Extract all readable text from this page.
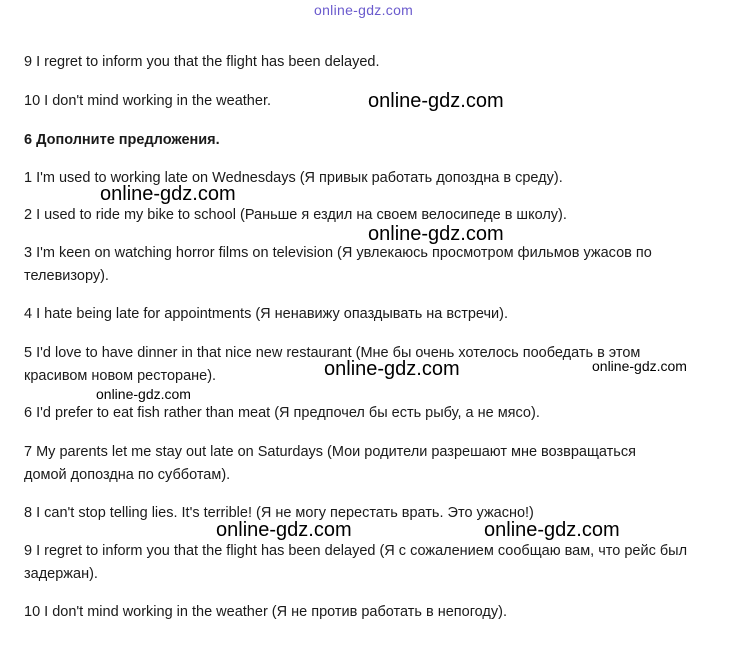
online-gdz.com
9 I regret to inform you that the flight has been delayed.
10 I don't mind working in the weather.
6 Дополните предложения.
1 I'm used to working late on Wednesdays (Я привык работать допоздна в среду).
2 I used to ride my bike to school (Раньше я ездил на своем велосипеде в школу).
3 I'm keen on watching horror films on television (Я увлекаюсь просмотром фильмов ужасов по
телевизору).
4 I hate being late for appointments (Я ненавижу опаздывать на встречи).
5 I'd love to have dinner in that nice new restaurant (Мне бы очень хотелось пообедать в этом
красивом новом ресторане).
6 I'd prefer to eat fish rather than meat (Я предпочел бы есть рыбу, а не мясо).
7 My parents let me stay out late on Saturdays (Мои родители разрешают мне возвращаться
домой допоздна по субботам).
8 I can't stop telling lies. It's terrible! (Я не могу перестать врать. Это ужасно!)
9 I regret to inform you that the flight has been delayed (Я с сожалением сообщаю вам, что рейс был
задержан).
10 I don't mind working in the weather (Я не против работать в непогоду).
online-gdz.com
online-gdz.com
online-gdz.com
online-gdz.com	online-gdz.com
online-gdz.com
online-gdz.com	online-gdz.com
